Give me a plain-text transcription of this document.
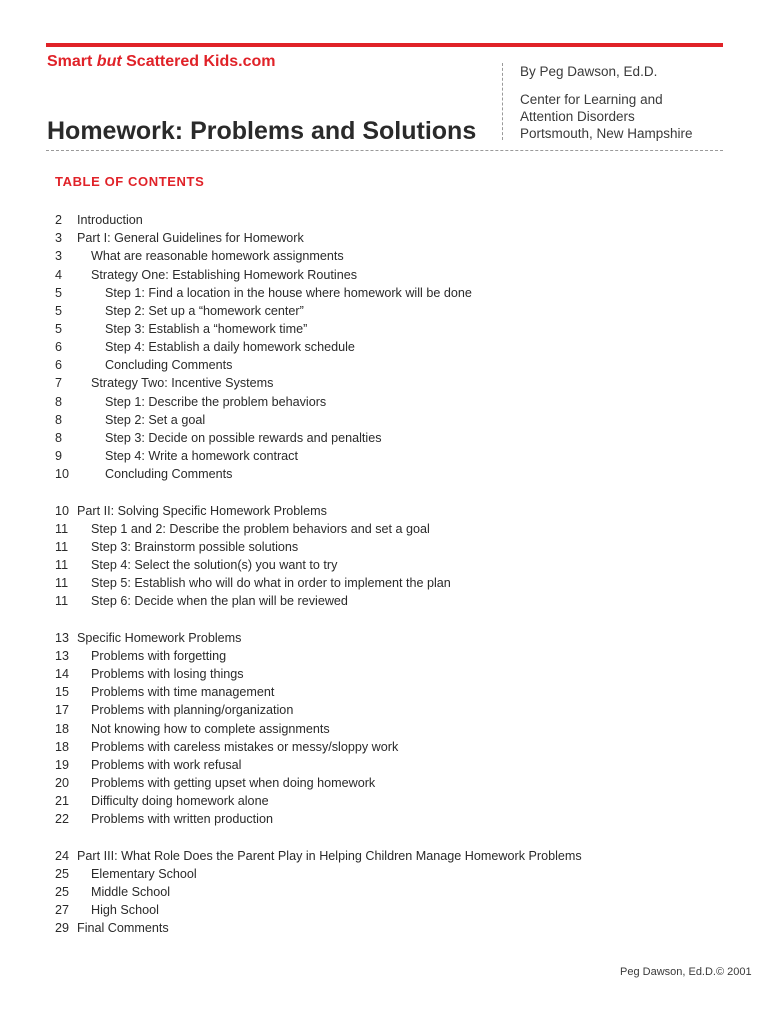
Smart but Scattered Kids.com
Homework: Problems and Solutions
By Peg Dawson, Ed.D.
Center for Learning and
Attention Disorders
Portsmouth, New Hampshire
TABLE OF CONTENTS
2 Introduction
3 Part I: General Guidelines for Homework
3 What are reasonable homework assignments
4 Strategy One: Establishing Homework Routines
5	Step 1: Find a location in the house where homework will be done
5	Step 2: Set up a “homework center”
5	Step 3: Establish a “homework time”
6	Step 4: Establish a daily homework schedule
6	Concluding Comments
7 Strategy Two: Incentive Systems
8	Step 1: Describe the problem behaviors
8	Step 2: Set a goal
8	Step 3: Decide on possible rewards and penalties
9	Step 4: Write a homework contract
10	Concluding Comments
10 Part II: Solving Specific Homework Problems
11 Step 1 and 2: Describe the problem behaviors and set a goal
11 Step 3: Brainstorm possible solutions
11 Step 4: Select the solution(s) you want to try
11 Step 5: Establish who will do what in order to implement the plan
11 Step 6: Decide when the plan will be reviewed
13 Specific Homework Problems
13 Problems with forgetting
14 Problems with losing things
15 Problems with time management
17 Problems with planning/organization
18 Not knowing how to complete assignments
18 Problems with careless mistakes or messy/sloppy work
19 Problems with work refusal
20 Problems with getting upset when doing homework
21 Difficulty doing homework alone
22 Problems with written production
24 Part III: What Role Does the Parent Play in Helping Children Manage Homework Problems
25 Elementary School
25 Middle School
27 High School
29 Final Comments
Peg Dawson, Ed.D.© 2001
